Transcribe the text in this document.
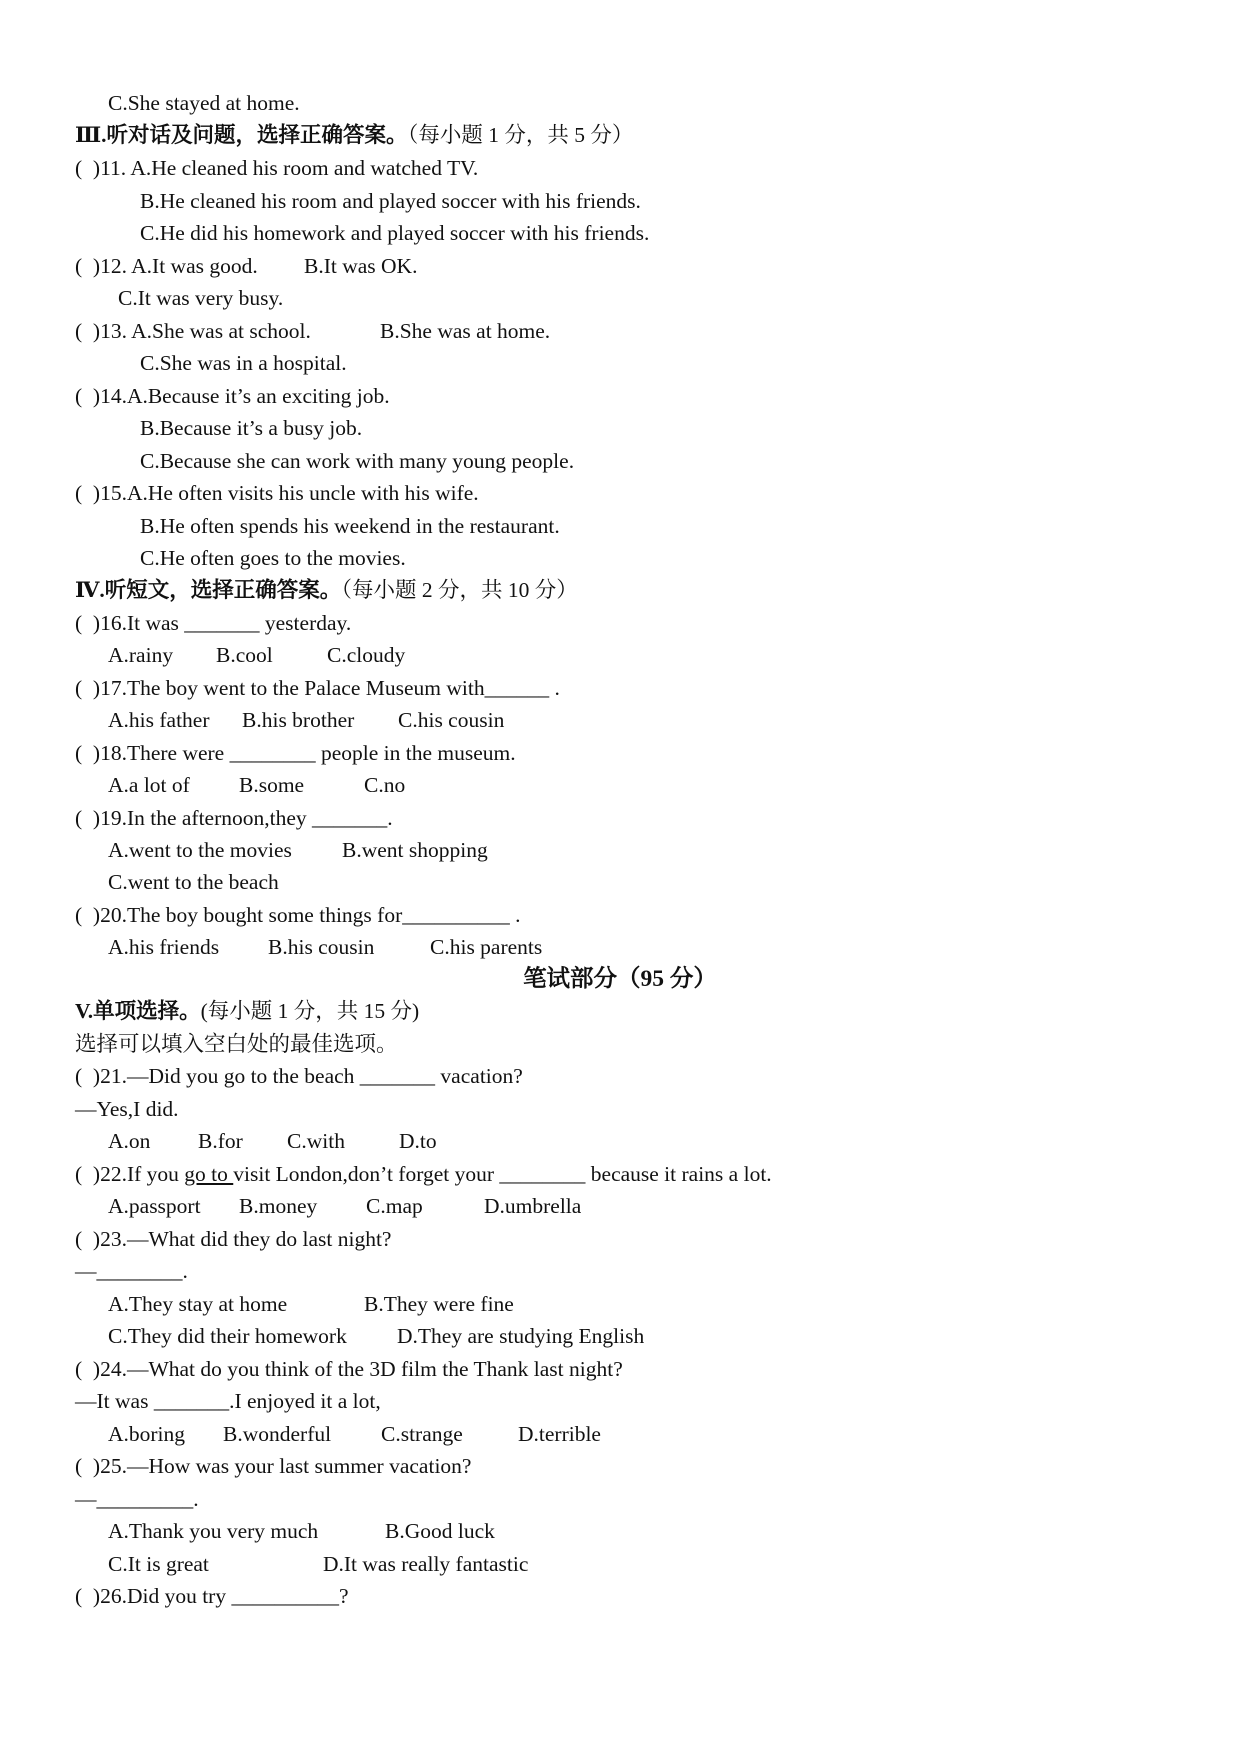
C.She stayed at home.
Ⅲ.听对话及问题，选择正确答案。（每小题 1 分，共 5 分）
(  )11. A.He cleaned his room and watched TV.
B.He cleaned his room and played soccer with his friends.
C.He did his homework and played soccer with his friends.
(  )12. A.It was good. B.It was OK.
C.It was very busy.
(  )13. A.She was at school.	B.She was at home.
C.She was in a hospital.
(  )14.A.Because it’s an exciting job.
B.Because it’s a busy job.
C.Because she can work with many young people.
(  )15.A.He often visits his uncle with his wife.
B.He often spends his weekend in the restaurant.
C.He often goes to the movies.
Ⅳ.听短文，选择正确答案。（每小题 2 分，共 10 分）
(  )16.It was _______ yesterday.
A.rainy B.cool	C.cloudy
(  )17.The boy went to the Palace Museum with______ .
A.his father B.his brother C.his cousin
(  )18.There were ________ people in the museum.
A.a lot of B.some	C.no
(  )19.In the afternoon,they _______.
A.went to the movies B.went shopping
C.went to the beach
(  )20.The boy bought some things for__________ .
A.his friends B.his cousin	C.his parents
笔试部分（95 分）
V.单项选择。(每小题 1 分，共 15 分)
选择可以填入空白处的最佳选项。
(  )21.—Did you go to the beach _______ vacation?
—Yes,I did.
A.on B.for C.with	D.to
(  )22.If you go to visit London,don’t forget your ________ because it rains a lot.
A.passport B.money C.map	D.umbrella
(  )23.—What did they do last night?
—________.
A.They stay at home	B.They were fine
C.They did their homework D.They are studying English
(  )24.—What do you think of the 3D film the Thank last night?
—It was _______.I enjoyed it a lot,
A.boring B.wonderful C.strange	D.terrible
(  )25.—How was your last summer vacation?
—_________.
A.Thank you very much	B.Good luck
C.It is great	D.It was really fantastic
(  )26.Did you try __________?
